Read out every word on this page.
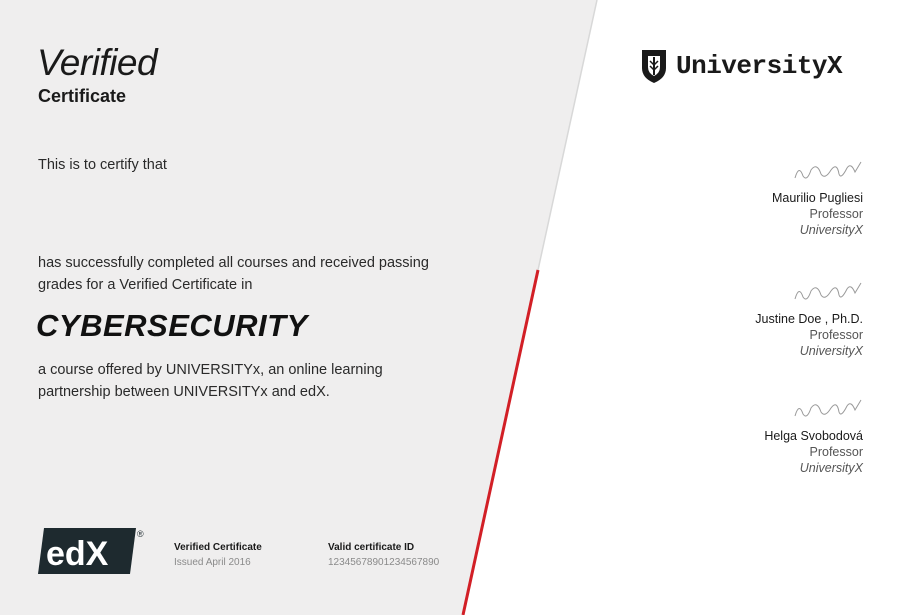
Verified
Certificate
This is to certify that
has successfully completed all courses and received passing
grades for a Verified Certificate in
CYBERSECURITY
a course offered by UNIVERSITYx, an online learning
partnership between UNIVERSITYx and edX.
edX
®
Verified Certificate
Issued April 2016
Valid certificate ID
12345678901234567890
UniversityX
Maurilio Pugliesi
Professor
UniversityX
Justine Doe , Ph.D.
Professor
UniversityX
Helga Svobodová
Professor
UniversityX
